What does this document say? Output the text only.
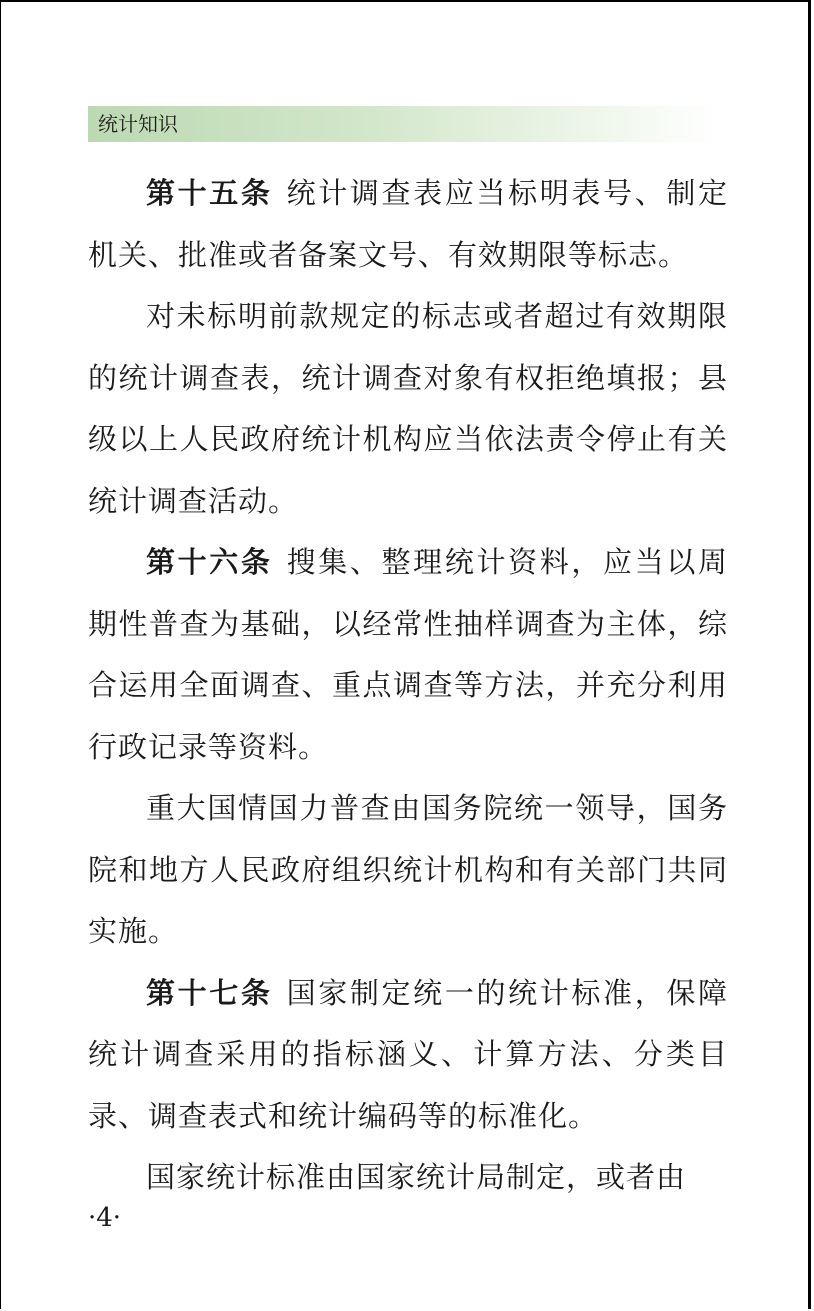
统计知识

第十五条 统计调查表应当标明表号、制定机关、批准或者备案文号、有效期限等标志。

对未标明前款规定的标志或者超过有效期限的统计调查表，统计调查对象有权拒绝填报；县级以上人民政府统计机构应当依法责令停止有关统计调查活动。

第十六条 搜集、整理统计资料，应当以周期性普查为基础，以经常性抽样调查为主体，综合运用全面调查、重点调查等方法，并充分利用行政记录等资料。

重大国情国力普查由国务院统一领导，国务院和地方人民政府组织统计机构和有关部门共同实施。

第十七条 国家制定统一的统计标准，保障统计调查采用的指标涵义、计算方法、分类目录、调查表式和统计编码等的标准化。

国家统计标准由国家统计局制定，或者由

·4·
